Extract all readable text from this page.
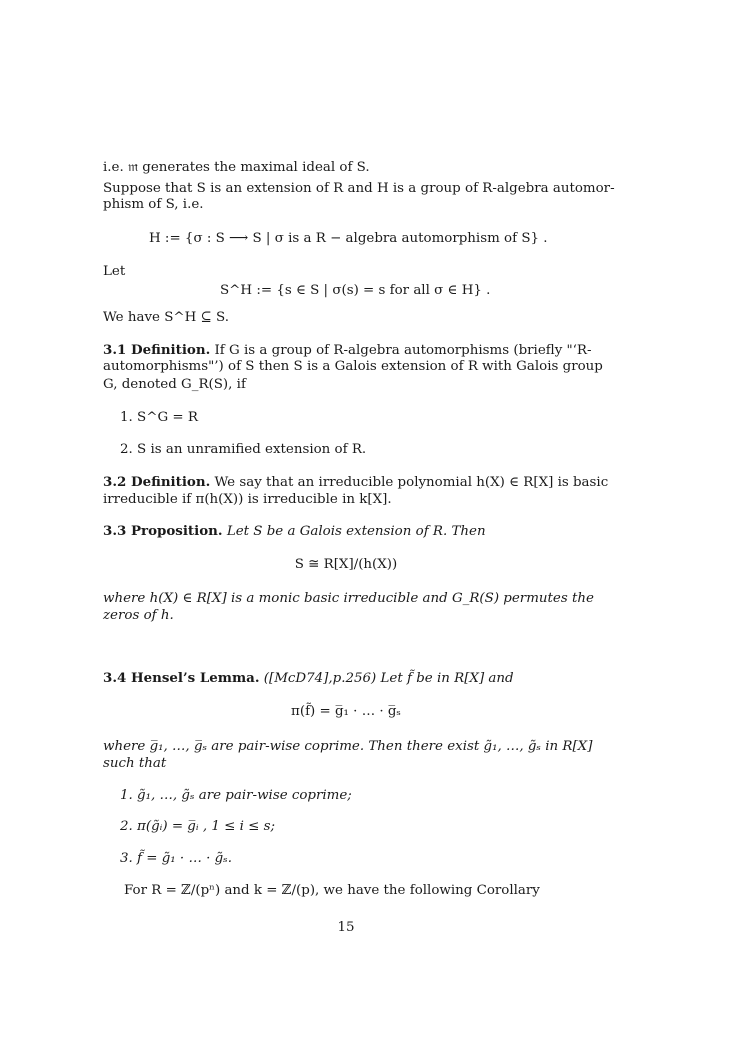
i.e. 𝔪 generates the maximal ideal of S.
Suppose that S is an extension of R and H is a group of R-algebra automor-
phism of S, i.e.
H := {σ : S ⟶ S | σ is a R − algebra automorphism of S} .
Let
S^H := {s ∈ S | σ(s) = s for all σ ∈ H} .
We have S^H ⊆ S.
3.1 Definition. If G is a group of R-algebra automorphisms (briefly "‘R-
automorphisms"’) of S then S is a Galois extension of R with Galois group
G, denoted G_R(S), if
1. S^G = R
2. S is an unramified extension of R.
3.2 Definition. We say that an irreducible polynomial h(X) ∈ R[X] is basic
irreducible if π(h(X)) is irreducible in k[X].
3.3 Proposition. Let S be a Galois extension of R. Then
S ≅ R[X]/(h(X))
where h(X) ∈ R[X] is a monic basic irreducible and G_R(S) permutes the
zeros of h.
3.4 Hensel’s Lemma. ([McD74],p.256) Let f̃ be in R[X] and
π(f̃) = g̅₁ · … · g̅ₛ
where g̅₁, …, g̅ₛ are pair-wise coprime. Then there exist g̃₁, …, g̃ₛ in R[X]
such that
1. g̃₁, …, g̃ₛ are pair-wise coprime;
2. π(g̃ᵢ) = g̅ᵢ , 1 ≤ i ≤ s;
3. f̃ = g̃₁ · … · g̃ₛ.
For R = ℤ/(pⁿ) and k = ℤ/(p), we have the following Corollary
15
